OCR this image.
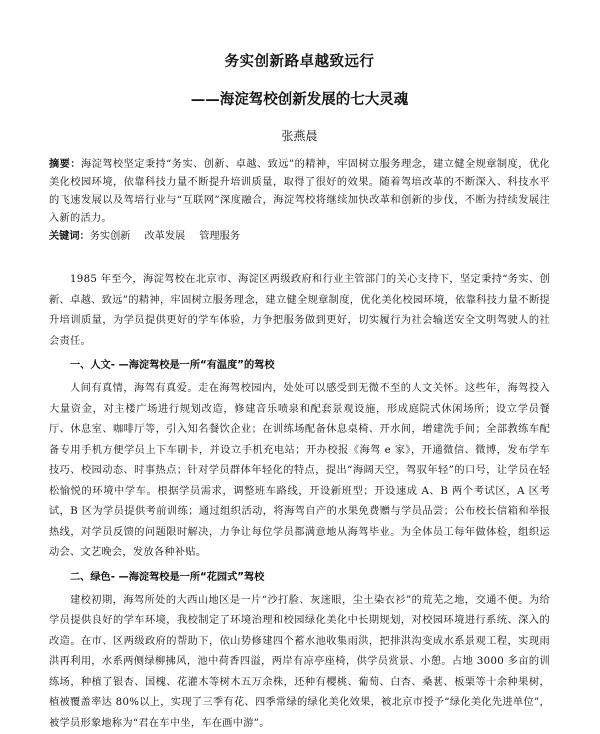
务实创新路卓越致远行
——海淀驾校创新发展的七大灵魂
张燕晨

摘要：海淀驾校坚定秉持“务实、创新、卓越、致远”的精神，牢固树立服务理念，建立健全规章制度，优化美化校园环境，依靠科技力量不断提升培训质量，取得了很好的效果。随着驾培改革的不断深入、科技水平的飞速发展以及驾培行业与“互联网”深度融合，海淀驾校将继续加快改革和创新的步伐，不断为持续发展注入新的活力。

关键词：务实创新 改革发展 管理服务

1985 年至今，海淀驾校在北京市、海淀区两级政府和行业主管部门的关心支持下，坚定秉持“务实、创新、卓越、致远”的精神，牢固树立服务理念，建立健全规章制度，优化美化校园环境，依靠科技力量不断提升培训质量，为学员提供更好的学车体验，力争把服务做到更好，切实履行为社会输送安全文明驾驶人的社会责任。

一、人文- —海淀驾校是一所“有温度”的驾校

人间有真情，海驾有真爱。走在海驾校园内，处处可以感受到无微不至的人文关怀。这些年，海驾投入大量资金，对主楼广场进行规划改造，修建音乐喷泉和配套景观设施，形成庭院式休闲场所；设立学员餐厅、休息室、咖啡厅等，引入知名餐饮企业；在训练场配备休息桌椅、开水间，增建洗手间；全部教练车配备专用手机方便学员上下车刷卡，并设立手机充电站；开办校报《海驾 e 家》，开通微信、微博，发布学车技巧、校园动态、时事热点；针对学员群体年轻化的特点，提出“海阔天空，驾驭年轻”的口号，让学员在轻松愉悦的环境中学车。根据学员需求，调整班车路线，开设新班型；开设速成 A、B 两个考试区，A 区考试，B 区为学员提供考前训练；通过组织活动，将海驾自产的水果免费赠与学员品尝；公布校长信箱和举报热线，对学员反馈的问题限时解决，力争让每位学员都满意地从海驾毕业。为全体员工每年做体检，组织运动会、文艺晚会，发放各种补贴。

二、绿色- —海淀驾校是一所“花园式”驾校

建校初期，海驾所处的大西山地区是一片“沙打脸、灰迷眼，尘土染衣衫”的荒芜之地，交通不便。为给学员提供良好的学车环境，我校制定了环境治理和校园绿化美化中长期规划，对校园环境进行系统、深入的改造。在市、区两级政府的帮助下，依山势修建四个蓄水池收集雨洪，把排洪沟变成水系景观工程，实现雨洪再利用，水系两侧绿柳拂风，池中荷香四溢，两岸有凉亭座椅，供学员赏景、小憩。占地 3000 多亩的训练场，种植了银杏、国槐、花灌木等树木五万余株，还种有樱桃、葡萄、白杏、桑葚、板栗等十余种果树，植被覆盖率达 80%以上，实现了三季有花、四季常绿的绿化美化效果，被北京市授予“绿化美化先进单位”，被学员形象地称为“君在车中坐，车在画中游”。
